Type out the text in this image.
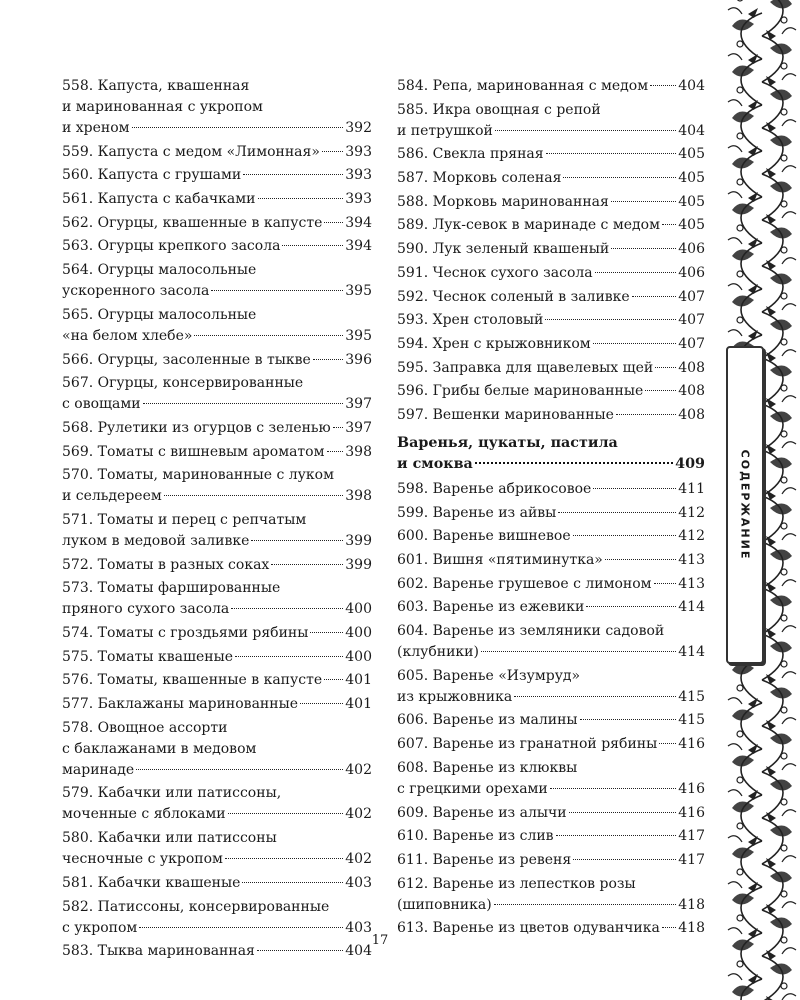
558. Капуста, квашенная
и маринованная с укропом
и хреном	392
559. Капуста с медом «Лимонная» 393
560. Капуста с грушами	393
561. Капуста с кабачками	393
562. Огурцы, квашенные в капусте 394
563. Огурцы крепкого засола	394
564. Огурцы малосольные
ускоренного засола	395
565. Огурцы малосольные
«на белом хлебе»	395
566. Огурцы, засоленные в тыкве 396
567. Огурцы, консервированные
с овощами	397
568. Рулетики из огурцов с зеленью 397
569. Томаты с вишневым ароматом 398
570. Томаты, маринованные с луком
и сельдереем	398
571. Томаты и перец с репчатым
луком в медовой заливке	399
572. Томаты в разных соках	399
573. Томаты фаршированные
пряного сухого засола	400
574. Томаты с гроздьями рябины	400
575. Томаты квашеные	400
576. Томаты, квашенные в капусте 401
577. Баклажаны маринованные	401
578. Овощное ассорти
с баклажанами в медовом
маринаде	402
579. Кабачки или патиссоны,
моченные с яблоками	402
580. Кабачки или патиссоны
чесночные с укропом	402
581. Кабачки квашеные	403
582. Патиссоны, консервированные
с укропом	403
583. Тыква маринованная	404
584. Репа, маринованная с медом 404
585. Икра овощная с репой
и петрушкой	404
586. Свекла пряная	405
587. Морковь соленая	405
588. Морковь маринованная	405
589. Лук-севок в маринаде с медом 405
590. Лук зеленый квашеный	406
591. Чеснок сухого засола	406
592. Чеснок соленый в заливке	407
593. Хрен столовый	407
594. Хрен с крыжовником	407
595. Заправка для щавелевых щей 408
596. Грибы белые маринованные 408
597. Вешенки маринованные	408
Варенья, цукаты, пастила
и смоква	409
598. Варенье абрикосовое	411
599. Варенье из айвы	412
600. Варенье вишневое	412
601. Вишня «пятиминутка»	413
602. Варенье грушевое с лимоном 413
603. Варенье из ежевики	414
604. Варенье из земляники садовой
(клубники)	414
605. Варенье «Изумруд»
из крыжовника	415
606. Варенье из малины	415
607. Варенье из гранатной рябины 416
608. Варенье из клюквы
с грецкими орехами	416
609. Варенье из алычи	416
610. Варенье из слив	417
611. Варенье из ревеня	417
612. Варенье из лепестков розы
(шиповника)	418
613. Варенье из цветов одуванчика 418
17
СОДЕРЖАНИЕ
